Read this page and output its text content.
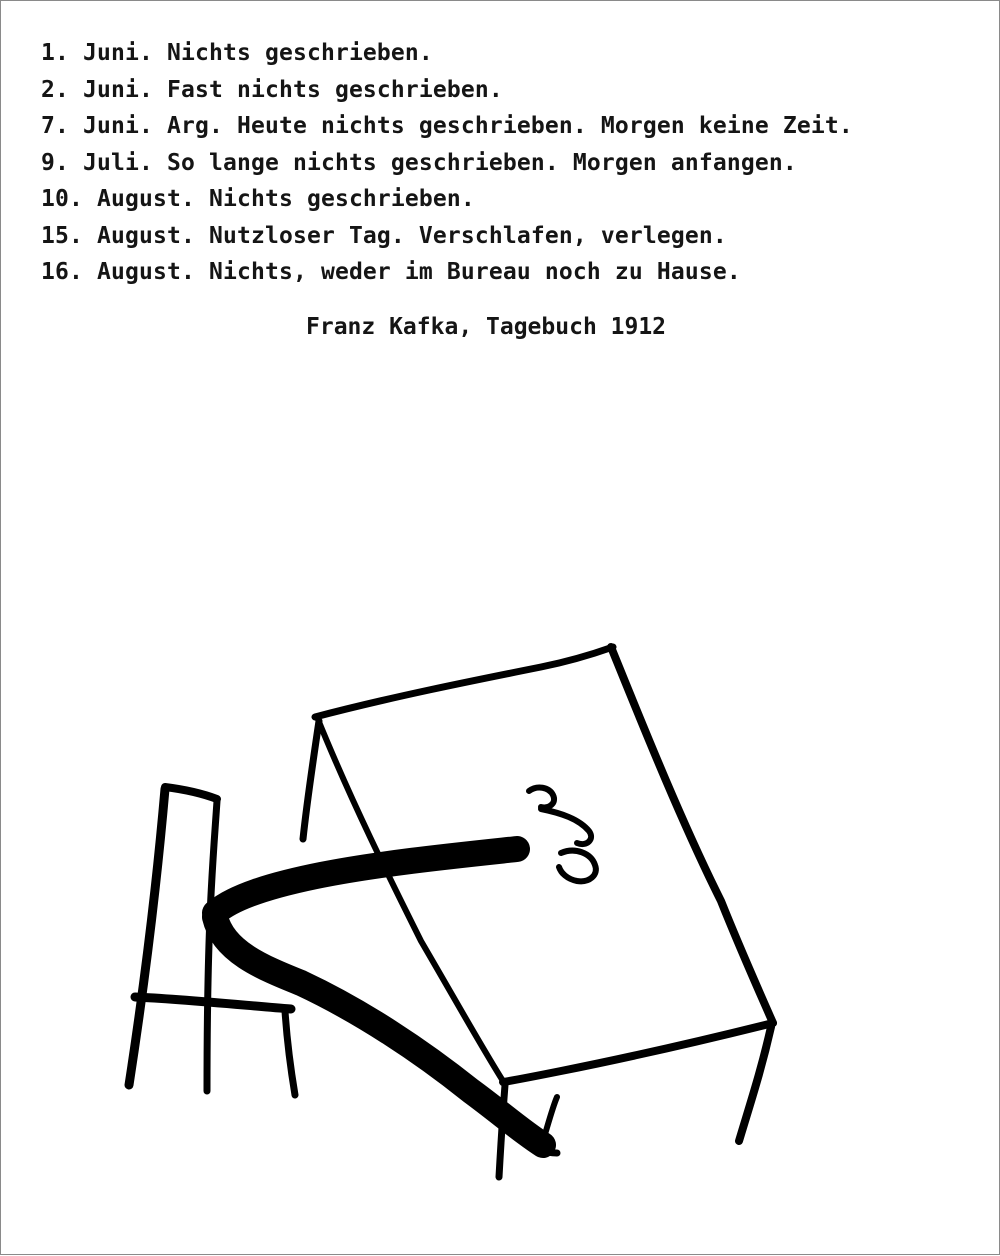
1. Juni. Nichts geschrieben.
2. Juni. Fast nichts geschrieben.
7. Juni. Arg. Heute nichts geschrieben. Morgen keine Zeit.
9. Juli. So lange nichts geschrieben. Morgen anfangen.
10. August. Nichts geschrieben.
15. August. Nutzloser Tag. Verschlafen, verlegen.
16. August. Nichts, weder im Bureau noch zu Hause.
Franz Kafka, Tagebuch 1912
